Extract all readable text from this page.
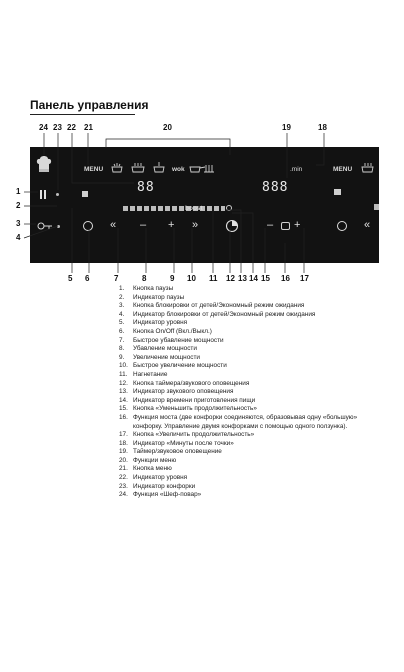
Панель управления
24 23 22 21	20	19	18
1
2
3
4
5 6	7	8	9 10 11 12 13 14 15 16 17
MENU	wok	.min	MENU
88	888
boost
« – + »	– +	«
1. Кнопка паузы
2. Индикатор паузы
3. Кнопка блокировки от детей/Экономный режим ожидания
4. Индикатор блокировки от детей/Экономный режим ожидания
5. Индикатор уровня
6. Кнопка On/Off (Вкл./Выкл.)
7. Быстрое убавление мощности
8. Убавление мощности
9. Увеличение мощности
10. Быстрое увеличение мощности
11. Нагнетание
12. Кнопка таймера/звукового оповещения
13. Индикатор звукового оповещения
14. Индикатор времени приготовления пищи
15. Кнопка «Уменьшить продолжительность»
16. Функция моста (две конфорки соединяются, образовывая одну «большую» конфорку. Управление двумя конфорками с помощью одного ползунка).
17. Кнопка «Увеличить продолжительность»
18. Индикатор «Минуты после точки»
19. Таймер/звуковое оповещение
20. Функции меню
21. Кнопка меню
22. Индикатор уровня
23. Индикатор конфорки
24. Функция «Шеф-повар»
